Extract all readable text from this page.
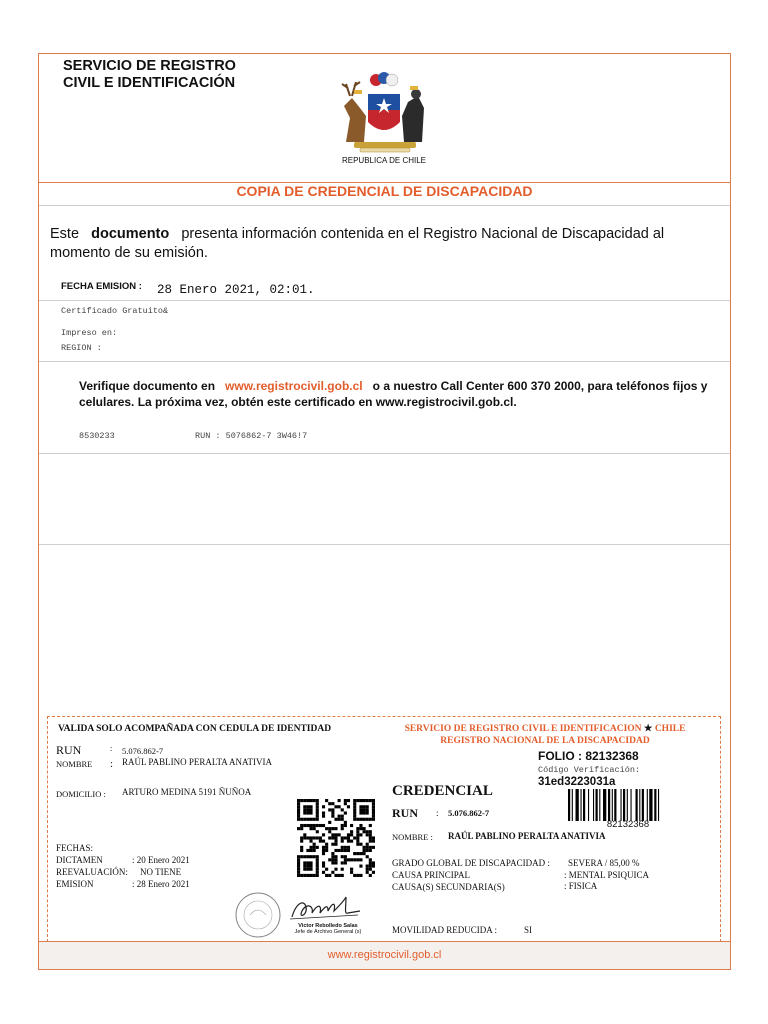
SERVICIO DE REGISTRO
CIVIL E IDENTIFICACIÓN
REPUBLICA DE CHILE
COPIA DE CREDENCIAL DE DISCAPACIDAD
Este documento presenta información contenida en el Registro Nacional de Discapacidad al momento de su emisión.
FECHA EMISION : 28 Enero 2021, 02:01.
Certificado Gratuito&
Impreso en:
REGION :
Verifique documento en www.registrocivil.gob.cl o a nuestro Call Center 600 370 2000, para teléfonos fijos y celulares. La próxima vez, obtén este certificado en www.registrocivil.gob.cl.
8530233	RUN : 5076862-7 3W46!7
VALIDA SOLO ACOMPAÑADA CON CEDULA DE IDENTIDAD	SERVICIO DE REGISTRO CIVIL E IDENTIFICACION ★ CHILE
REGISTRO NACIONAL DE LA DISCAPACIDAD
FOLIO : 82132368
Código Verificación:
31ed3223031a
82132368
RUN	: 5.076.862-7
NOMBRE : RAÚL PABLINO PERALTA ANATIVIA
DOMICILIO : ARTURO MEDINA 5191 ÑUÑOA
FECHAS:
DICTAMEN	: 20 Enero 2021
REEVALUACIÓN: NO TIENE
EMISION	: 28 Enero 2021
CREDENCIAL
RUN : 5.076.862-7
NOMBRE : RAÚL PABLINO PERALTA ANATIVIA
GRADO GLOBAL DE DISCAPACIDAD : SEVERA / 85,00 %
CAUSA PRINCIPAL	: MENTAL PSIQUICA
CAUSA(S) SECUNDARIA(S)	: FISICA
MOVILIDAD REDUCIDA :	SI
Victor Rebolledo Salas
Jefe de Archivo General (s)
www.registrocivil.gob.cl
